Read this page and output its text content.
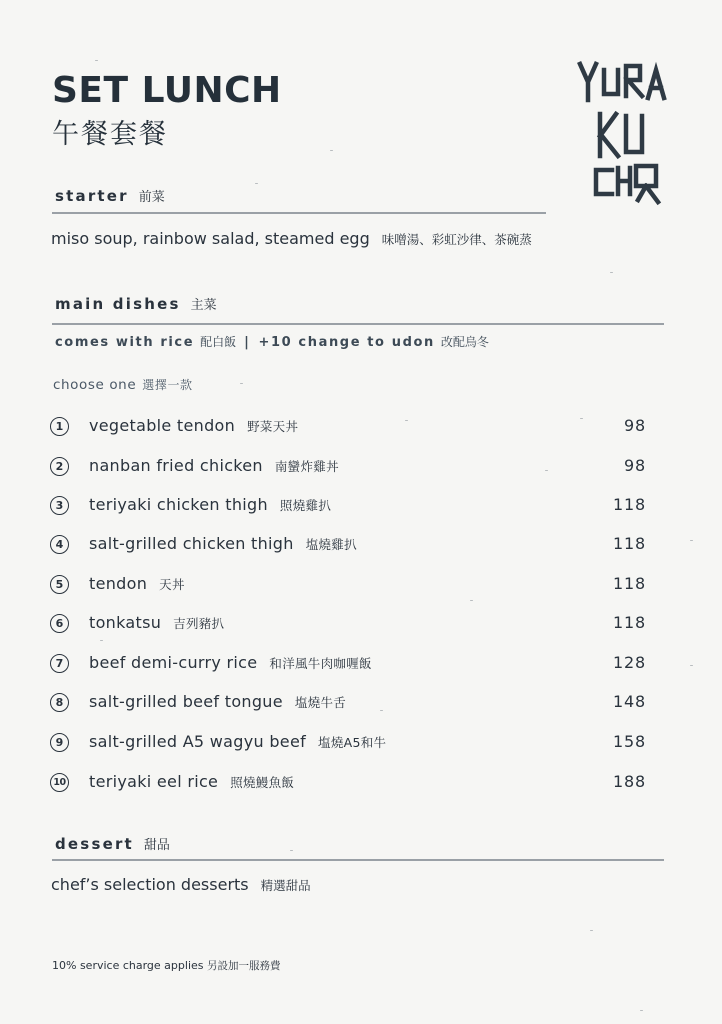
SET LUNCH
午餐套餐
starter 前菜
miso soup, rainbow salad, steamed egg 味噌湯、彩虹沙律、茶碗蒸
main dishes 主菜
comes with rice 配白飯 | +10 change to udon 改配烏冬
choose one 選擇一款
1	vegetable tendon 野菜天丼	98
2	nanban fried chicken 南蠻炸雞丼	98
3	teriyaki chicken thigh 照燒雞扒	118
4	salt-grilled chicken thigh 塩燒雞扒	118
5	tendon 天丼	118
6	tonkatsu 吉列豬扒	118
7	beef demi-curry rice 和洋風牛肉咖喱飯	128
8	salt-grilled beef tongue 塩燒牛舌	148
9	salt-grilled A5 wagyu beef 塩燒A5和牛	158
10 teriyaki eel rice 照燒鰻魚飯	188
dessert 甜品
chef’s selection desserts 精選甜品
10% service charge applies 另設加一服務費
